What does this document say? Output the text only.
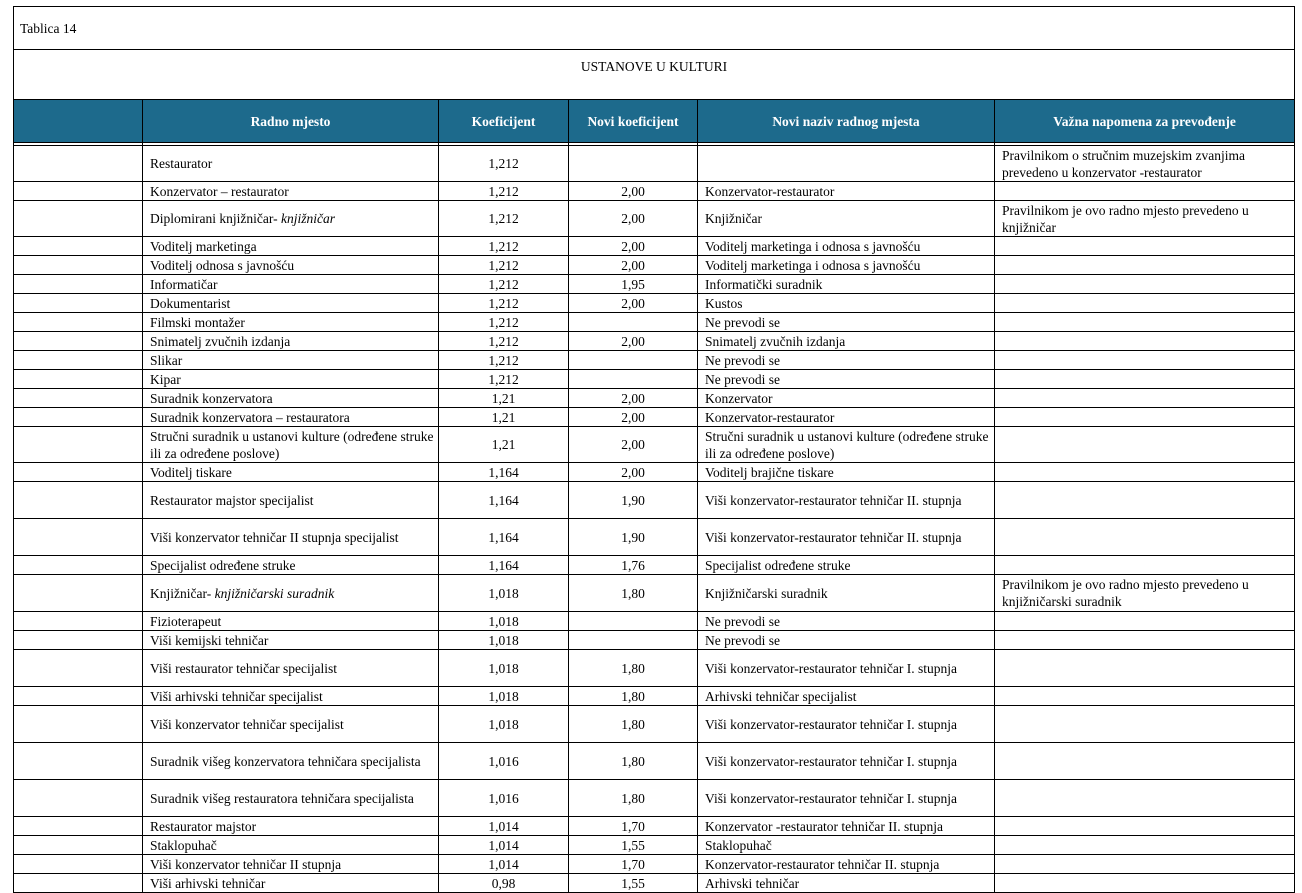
Tablica 14					
USTANOVE U KULTURI					
	Radno mjesto	Koeficijent	Novi koeficijent	Novi naziv radnog mjesta	Važna napomena za prevođenje

	Restaurator	1,212			Pravilnikom o stručnim muzejskim zvanjima prevedeno u konzervator -restaurator
	Konzervator – restaurator	1,212	2,00	Konzervator-restaurator	
	Diplomirani knjižničar- knjižničar	1,212	2,00	Knjižničar	Pravilnikom je ovo radno mjesto prevedeno u knjižničar
	Voditelj marketinga	1,212	2,00	Voditelj marketinga i odnosa s javnošću	
	Voditelj odnosa s javnošću	1,212	2,00	Voditelj marketinga i odnosa s javnošću	
	Informatičar	1,212	1,95	Informatički suradnik	
	Dokumentarist	1,212	2,00	Kustos	
	Filmski montažer	1,212		Ne prevodi se	
	Snimatelj zvučnih izdanja	1,212	2,00	Snimatelj zvučnih izdanja	
	Slikar	1,212		Ne prevodi se	
	Kipar	1,212		Ne prevodi se	
	Suradnik konzervatora	1,21	2,00	Konzervator	
	Suradnik konzervatora – restauratora	1,21	2,00	Konzervator-restaurator	
	Stručni suradnik u ustanovi kulture (određene struke ili za određene poslove)	1,21	2,00	Stručni suradnik u ustanovi kulture (određene struke ili za određene poslove)	
	Voditelj tiskare	1,164	2,00	Voditelj brajične tiskare	
	Restaurator majstor specijalist	1,164	1,90	Viši konzervator-restaurator tehničar II. stupnja	
	Viši konzervator tehničar II stupnja specijalist	1,164	1,90	Viši konzervator-restaurator tehničar II. stupnja	
	Specijalist određene struke	1,164	1,76	Specijalist određene struke	
	Knjižničar- knjižničarski suradnik	1,018	1,80	Knjižničarski suradnik	Pravilnikom je ovo radno mjesto prevedeno u knjižničarski suradnik
	Fizioterapeut	1,018		Ne prevodi se	
	Viši kemijski tehničar	1,018		Ne prevodi se	
	Viši restaurator tehničar specijalist	1,018	1,80	Viši konzervator-restaurator tehničar I. stupnja	
	Viši arhivski tehničar specijalist	1,018	1,80	Arhivski tehničar specijalist	
	Viši konzervator tehničar specijalist	1,018	1,80	Viši konzervator-restaurator tehničar I. stupnja	
	Suradnik višeg konzervatora tehničara specijalista	1,016	1,80	Viši konzervator-restaurator tehničar I. stupnja	
	Suradnik višeg restauratora tehničara specijalista	1,016	1,80	Viši konzervator-restaurator tehničar I. stupnja	
	Restaurator majstor	1,014	1,70	Konzervator -restaurator tehničar II. stupnja	
	Staklopuhač	1,014	1,55	Staklopuhač	
	Viši konzervator tehničar II stupnja	1,014	1,70	Konzervator-restaurator tehničar II. stupnja	
	Viši arhivski tehničar	0,98	1,55	Arhivski tehničar	
